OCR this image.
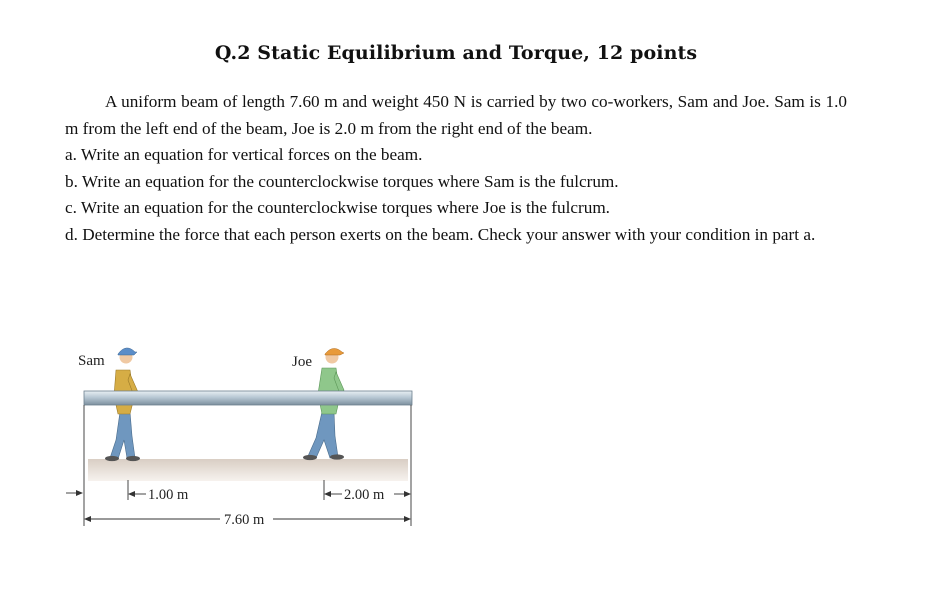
Q.2 Static Equilibrium and Torque, 12 points
A uniform beam of length 7.60 m and weight 450 N is carried by two co-workers, Sam and Joe. Sam is 1.0 m from the left end of the beam, Joe is 2.0 m from the right end of the beam.
a. Write an equation for vertical forces on the beam.
b. Write an equation for the counterclockwise torques where Sam is the fulcrum.
c. Write an equation for the counterclockwise torques where Joe is the fulcrum.
d. Determine the force that each person exerts on the beam. Check your answer with your condition in part a.
Sam	Joe
1.00 m	2.00 m
7.60 m
